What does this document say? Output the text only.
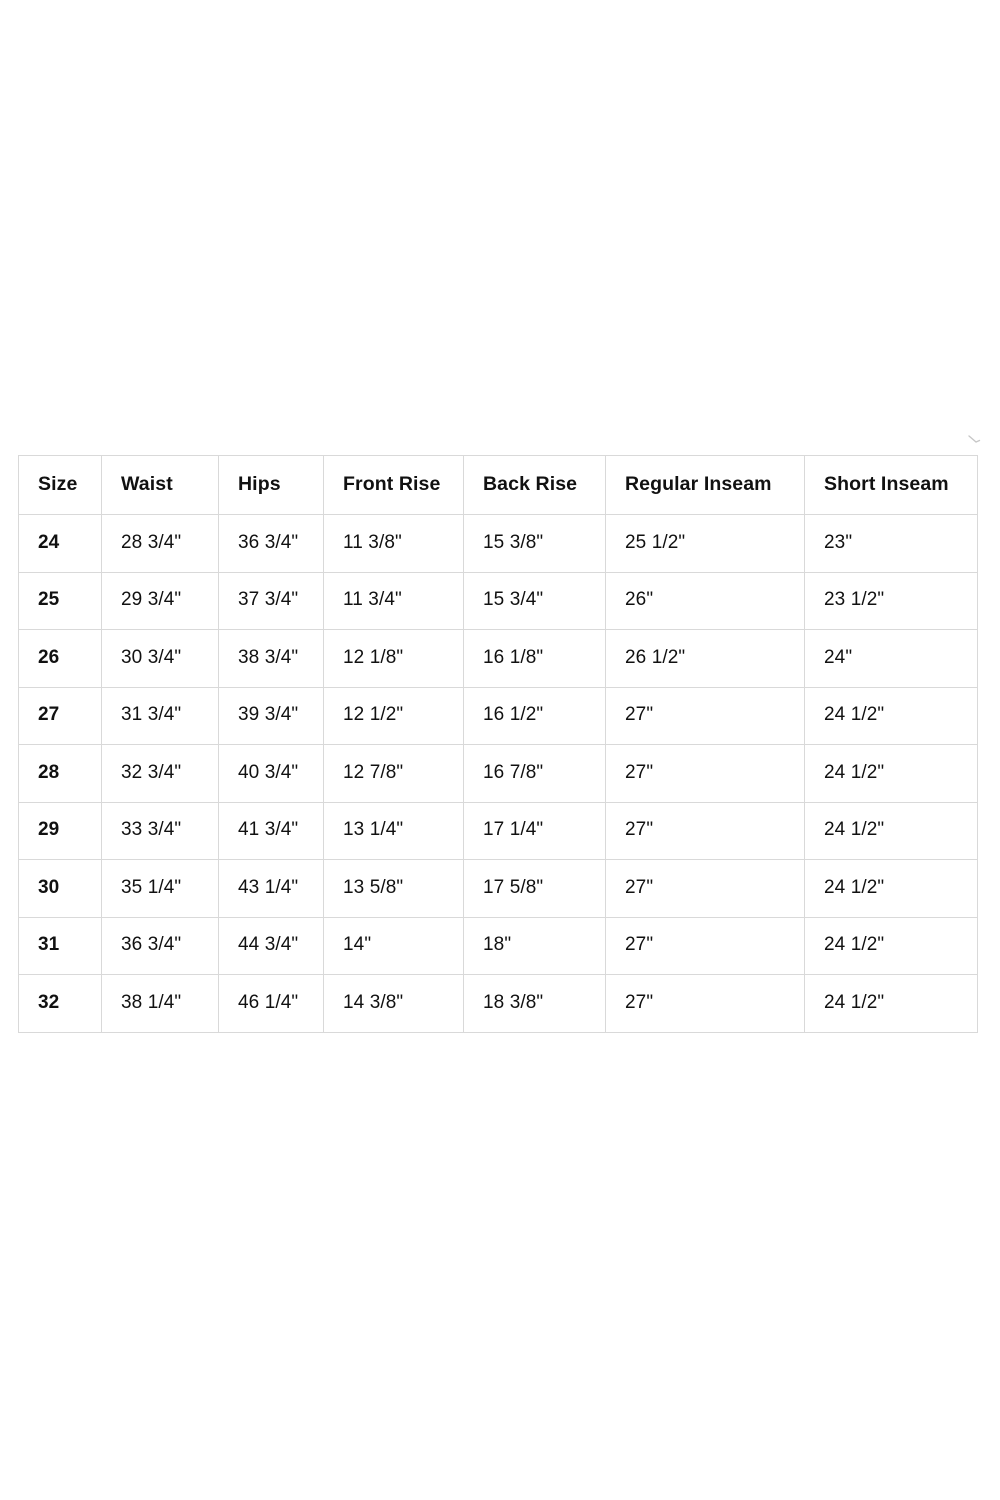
Size	Waist	Hips	Front Rise	Back Rise	Regular Inseam	Short Inseam
24	28 3/4"	36 3/4"	11 3/8"	15 3/8"	25 1/2"	23"
25	29 3/4"	37 3/4"	11 3/4"	15 3/4"	26"	23 1/2"
26	30 3/4"	38 3/4"	12 1/8"	16 1/8"	26 1/2"	24"
27	31 3/4"	39 3/4"	12 1/2"	16 1/2"	27"	24 1/2"
28	32 3/4"	40 3/4"	12 7/8"	16 7/8"	27"	24 1/2"
29	33 3/4"	41 3/4"	13 1/4"	17 1/4"	27"	24 1/2"
30	35 1/4"	43 1/4"	13 5/8"	17 5/8"	27"	24 1/2"
31	36 3/4"	44 3/4"	14"	18"	27"	24 1/2"
32	38 1/4"	46 1/4"	14 3/8"	18 3/8"	27"	24 1/2"
